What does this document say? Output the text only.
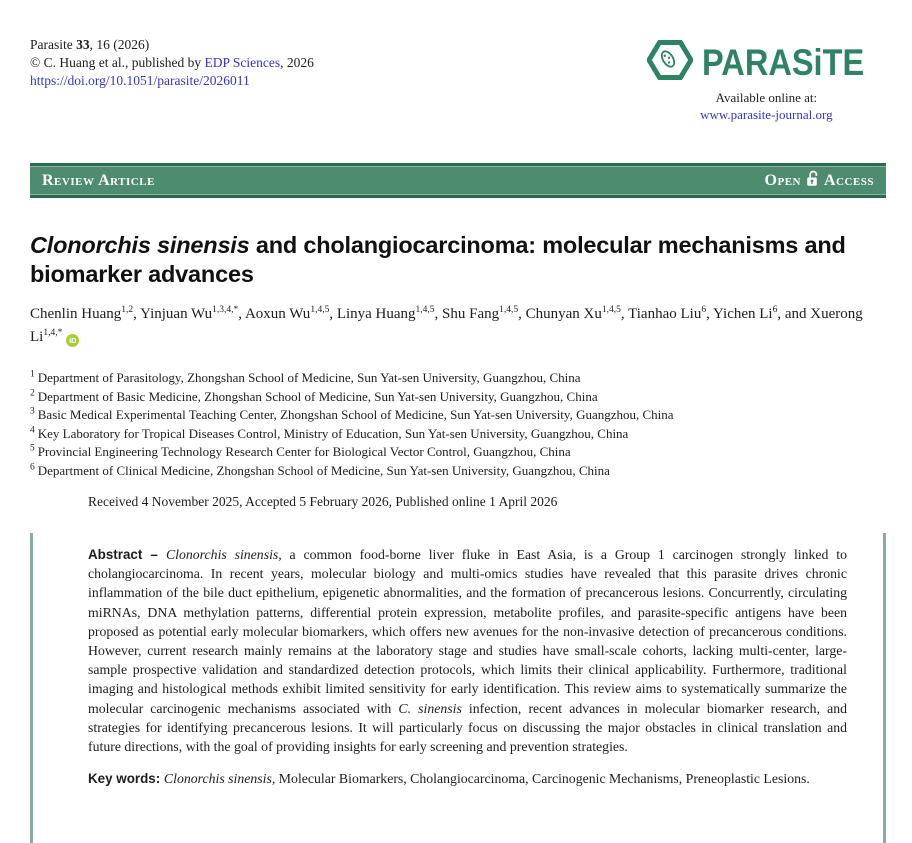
Parasite 33, 16 (2026)
© C. Huang et al., published by EDP Sciences, 2026
https://doi.org/10.1051/parasite/2026011	PARASiTE
Available online at:
www.parasite-journal.org
Review Article	Open Access
Clonorchis sinensis and cholangiocarcinoma: molecular mechanisms and biomarker advances
Chenlin Huang$^{1,2}$, Yinjuan $Wu^{1,3,4,*}$, Aoxun Wu$^{1,4,5}$, Linya Huang$^{1,4,5}$, Shu Fang$^{1,4,5}$, Chunyan Xu$^{1,4,5}$, Tianhao Liu$^6$, Yichen Li$^6$, and Xuerong $Li^{1,4,*}iD$
$^1$ Department of Parasitology, Zhongshan School of Medicine, Sun Yat-sen University, Guangzhou, China
$^2$ Department of Basic Medicine, Zhongshan School of Medicine, Sun Yat-sen University, Guangzhou, China
$^3$ Basic Medical Experimental Teaching Center, Zhongshan School of Medicine, Sun Yat-sen University, Guangzhou, China
$^4$ Key Laboratory for Tropical Diseases Control, Ministry of Education, Sun Yat-sen University, Guangzhou, China
$^5$ Provincial Engineering Technology Research Center for Biological Vector Control, Guangzhou, China
$^6$ Department of Clinical Medicine, Zhongshan School of Medicine, Sun Yat-sen University, Guangzhou, China
Received 4 November 2025, Accepted 5 February 2026, Published online 1 April 2026

Abstract – Clonorchis sinensis, a common food-borne liver fluke in East Asia, is a Group 1 carcinogen strongly linked to cholangiocarcinoma. In recent years, molecular biology and multi-omics studies have revealed that this parasite drives chronic inflammation of the bile duct epithelium, epigenetic abnormalities, and the formation of precancerous lesions. Concurrently, circulating miRNAs, DNA methylation patterns, differential protein expression, metabolite profiles, and parasite-specific antigens have been proposed as potential early molecular biomarkers, which offers new avenues for the non-invasive detection of precancerous conditions. However, current research mainly remains at the laboratory stage and studies have small-scale cohorts, lacking multi-center, large-sample prospective validation and standardized detection protocols, which limits their clinical applicability. Furthermore, traditional imaging and histological methods exhibit limited sensitivity for early identification. This review aims to systematically summarize the molecular carcinogenic mechanisms associated with C. sinensis infection, recent advances in molecular biomarker research, and strategies for identifying precancerous lesions. It will particularly focus on discussing the major obstacles in clinical translation and future directions, with the goal of providing insights for early screening and prevention strategies.

Key words: Clonorchis sinensis, Molecular Biomarkers, Cholangiocarcinoma, Carcinogenic Mechanisms, Preneoplastic Lesions.
